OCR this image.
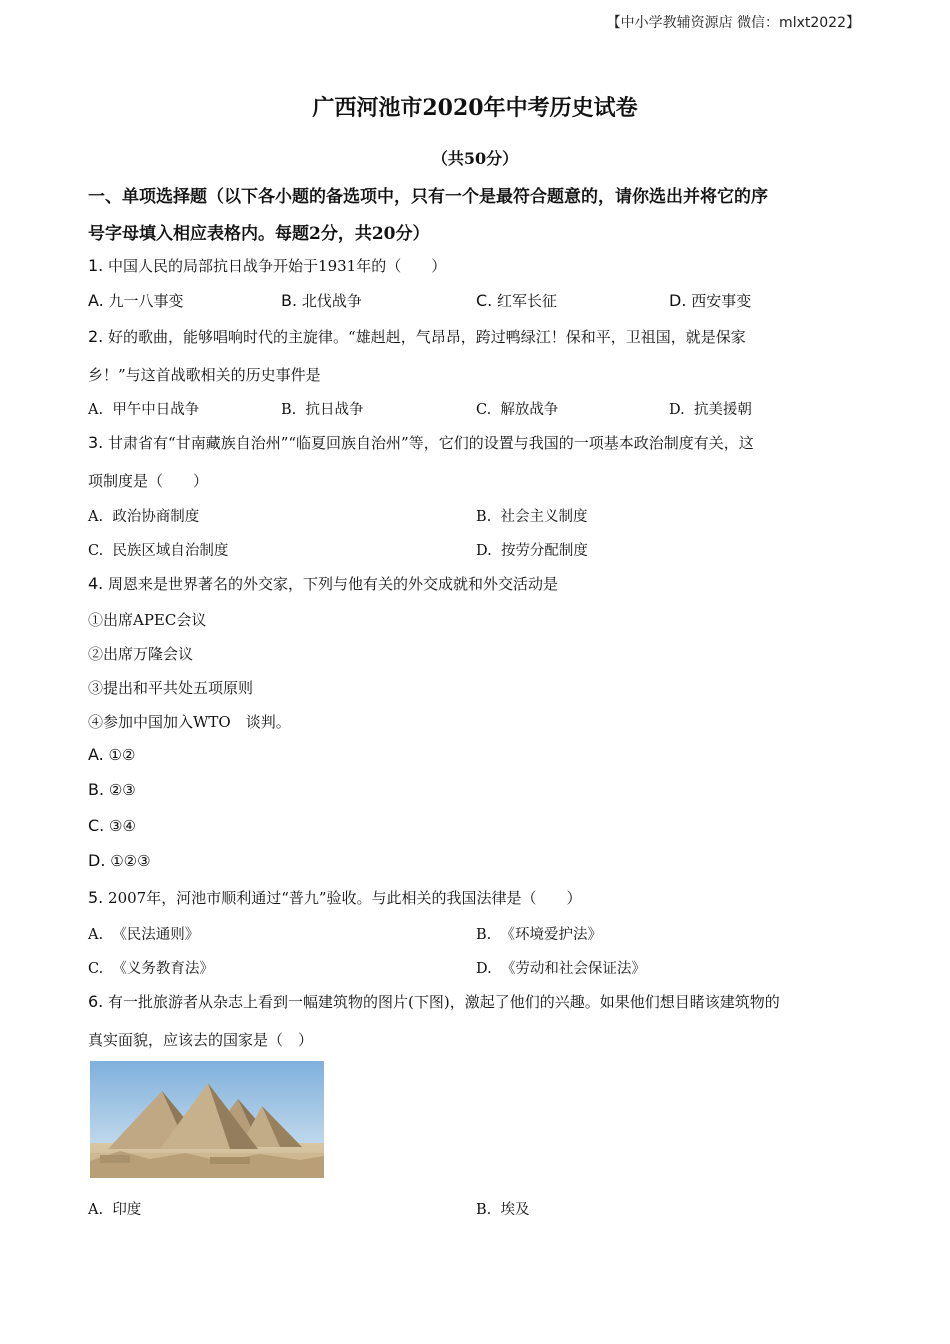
【中小学教辅资源店 微信：mlxt2022】
广西河池市2020年中考历史试卷
（共50分）
一、单项选择题（以下各小题的备选项中，只有一个是最符合题意的，请你选出并将它的序
号字母填入相应表格内。每题2分，共20分）
1. 中国人民的局部抗日战争开始于1931年的（　　）
A. 九一八事变	B. 北伐战争	C. 红军长征	D. 西安事变
2. 好的歌曲，能够唱响时代的主旋律。“雄赳赳，气昂昂，跨过鸭绿江！保和平，卫祖国，就是保家
乡！”与这首战歌相关的历史事件是
A. 甲午中日战争	B. 抗日战争	C. 解放战争	D. 抗美援朝
3. 甘肃省有“甘南藏族自治州”“临夏回族自治州”等，它们的设置与我国的一项基本政治制度有关，这
项制度是（　　）
A. 政治协商制度	B. 社会主义制度
C. 民族区域自治制度	D. 按劳分配制度
4. 周恩来是世界著名的外交家，下列与他有关的外交成就和外交活动是
①出席APEC会议
②出席万隆会议
③提出和平共处五项原则
④参加中国加入WTO　谈判。
A. ①②
B. ②③
C. ③④
D. ①②③
5. 2007年，河池市顺利通过“普九”验收。与此相关的我国法律是（　　）
A. 《民法通则》	B. 《环境爱护法》
C. 《义务教育法》	D. 《劳动和社会保证法》
6. 有一批旅游者从杂志上看到一幅建筑物的图片(下图)，激起了他们的兴趣。如果他们想目睹该建筑物的
真实面貌，应该去的国家是（　）
A. 印度	B. 埃及
